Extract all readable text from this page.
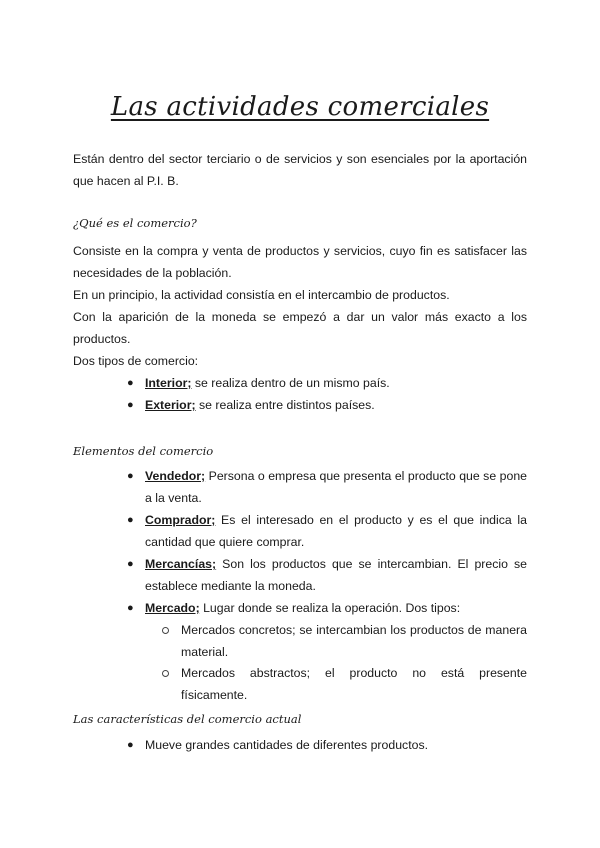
Las actividades comerciales
Están dentro del sector terciario o de servicios y son esenciales por la aportación que hacen al P.I. B.
¿Qué es el comercio?
Consiste en la compra y venta de productos y servicios, cuyo fin es satisfacer las necesidades de la población.
En un principio, la actividad consistía en el intercambio de productos.
Con la aparición de la moneda se empezó a dar un valor más exacto a los productos.
Dos tipos de comercio:
● Interior; se realiza dentro de un mismo país.
● Exterior; se realiza entre distintos países.
Elementos del comercio
● Vendedor; Persona o empresa que presenta el producto que se pone a la venta.
● Comprador; Es el interesado en el producto y es el que indica la cantidad que quiere comprar.
● Mercancías; Son los productos que se intercambian. El precio se establece mediante la moneda.
● Mercado; Lugar donde se realiza la operación. Dos tipos:
Mercados concretos; se intercambian los productos de manera material.
Mercados abstractos; el producto no está presente físicamente.
Las características del comercio actual
● Mueve grandes cantidades de diferentes productos.
